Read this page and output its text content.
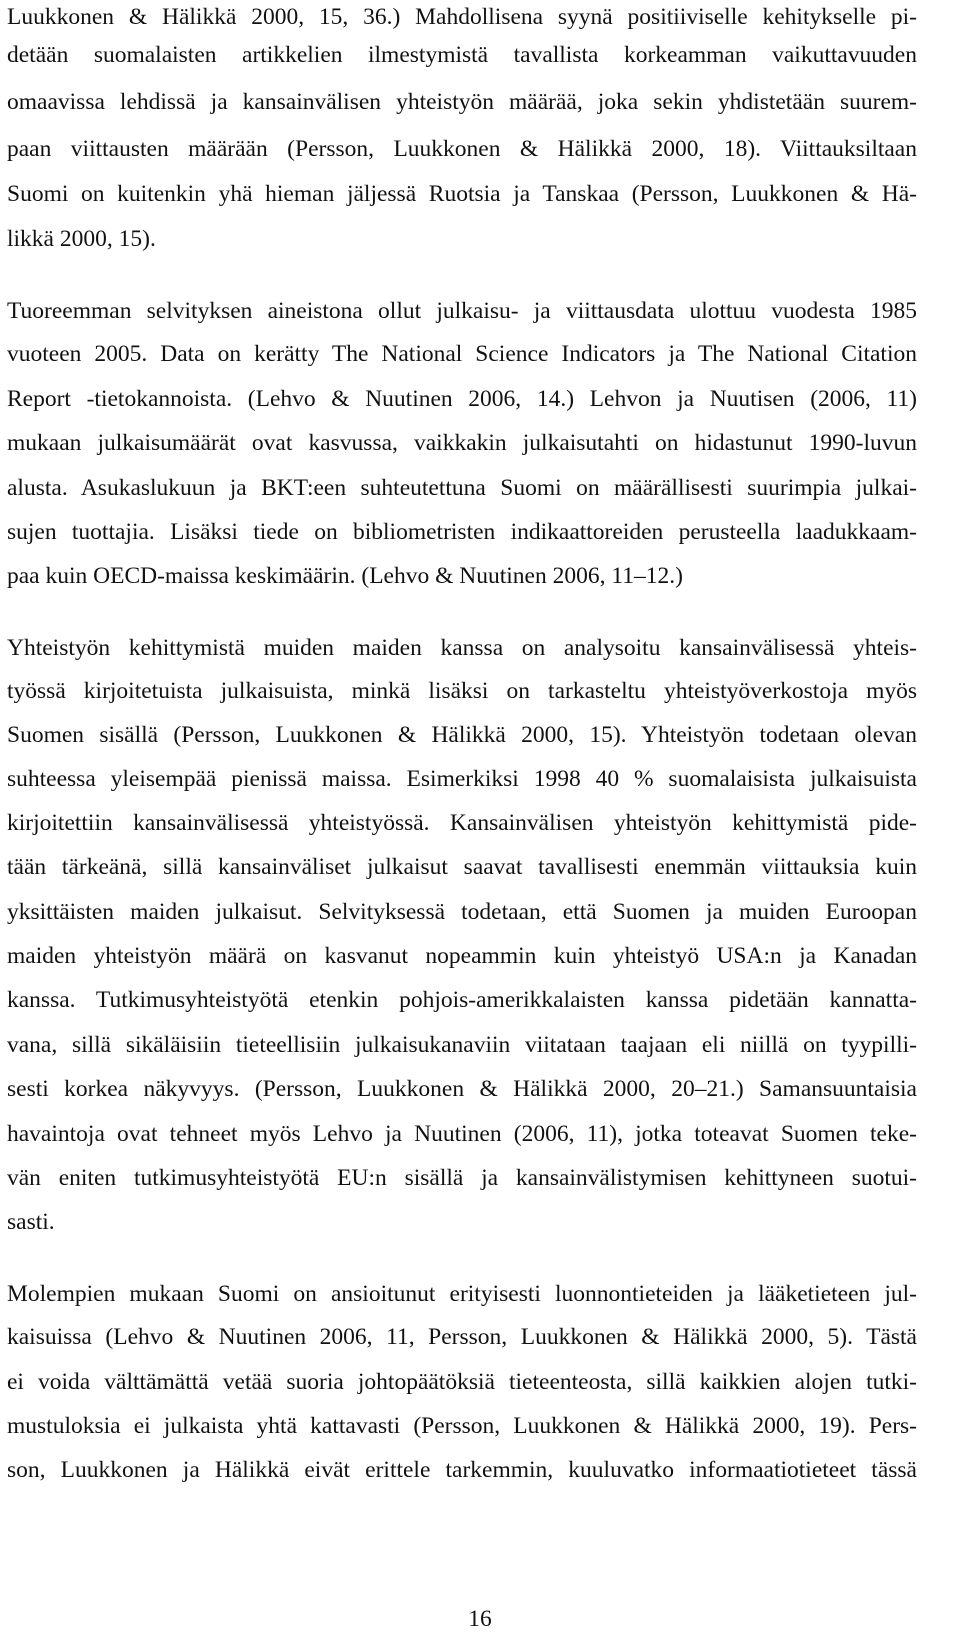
Luukkonen & Hälikkä 2000, 15, 36.) Mahdollisena syynä positiiviselle kehitykselle pi-
detään suomalaisten artikkelien ilmestymistä tavallista korkeamman vaikuttavuuden
omaavissa lehdissä ja kansainvälisen yhteistyön määrää, joka sekin yhdistetään suurem-
paan viittausten määrään (Persson, Luukkonen & Hälikkä 2000, 18). Viittauksiltaan
Suomi on kuitenkin yhä hieman jäljessä Ruotsia ja Tanskaa (Persson, Luukkonen & Hä-
likkä 2000, 15).
Tuoreemman selvityksen aineistona ollut julkaisu- ja viittausdata ulottuu vuodesta 1985
vuoteen 2005. Data on kerätty The National Science Indicators ja The National Citation
Report -tietokannoista. (Lehvo & Nuutinen 2006, 14.) Lehvon ja Nuutisen (2006, 11)
mukaan julkaisumäärät ovat kasvussa, vaikkakin julkaisutahti on hidastunut 1990-luvun
alusta. Asukaslukuun ja BKT:een suhteutettuna Suomi on määrällisesti suurimpia julkai-
sujen tuottajia. Lisäksi tiede on bibliometristen indikaattoreiden perusteella laadukkaam-
paa kuin OECD-maissa keskimäärin. (Lehvo & Nuutinen 2006, 11–12.)
Yhteistyön kehittymistä muiden maiden kanssa on analysoitu kansainvälisessä yhteis-
työssä kirjoitetuista julkaisuista, minkä lisäksi on tarkasteltu yhteistyöverkostoja myös
Suomen sisällä (Persson, Luukkonen & Hälikkä 2000, 15). Yhteistyön todetaan olevan
suhteessa yleisempää pienissä maissa. Esimerkiksi 1998 40 % suomalaisista julkaisuista
kirjoitettiin kansainvälisessä yhteistyössä. Kansainvälisen yhteistyön kehittymistä pide-
tään tärkeänä, sillä kansainväliset julkaisut saavat tavallisesti enemmän viittauksia kuin
yksittäisten maiden julkaisut. Selvityksessä todetaan, että Suomen ja muiden Euroopan
maiden yhteistyön määrä on kasvanut nopeammin kuin yhteistyö USA:n ja Kanadan
kanssa. Tutkimusyhteistyötä etenkin pohjois-amerikkalaisten kanssa pidetään kannatta-
vana, sillä sikäläisiin tieteellisiin julkaisukanaviin viitataan taajaan eli niillä on tyypilli-
sesti korkea näkyvyys. (Persson, Luukkonen & Hälikkä 2000, 20–21.) Samansuuntaisia
havaintoja ovat tehneet myös Lehvo ja Nuutinen (2006, 11), jotka toteavat Suomen teke-
vän eniten tutkimusyhteistyötä EU:n sisällä ja kansainvälistymisen kehittyneen suotui-
sasti.
Molempien mukaan Suomi on ansioitunut erityisesti luonnontieteiden ja lääketieteen jul-
kaisuissa (Lehvo & Nuutinen 2006, 11, Persson, Luukkonen & Hälikkä 2000, 5). Tästä
ei voida välttämättä vetää suoria johtopäätöksiä tieteenteosta, sillä kaikkien alojen tutki-
mustuloksia ei julkaista yhtä kattavasti (Persson, Luukkonen & Hälikkä 2000, 19). Pers-
son, Luukkonen ja Hälikkä eivät erittele tarkemmin, kuuluvatko informaatiotieteet tässä
16
